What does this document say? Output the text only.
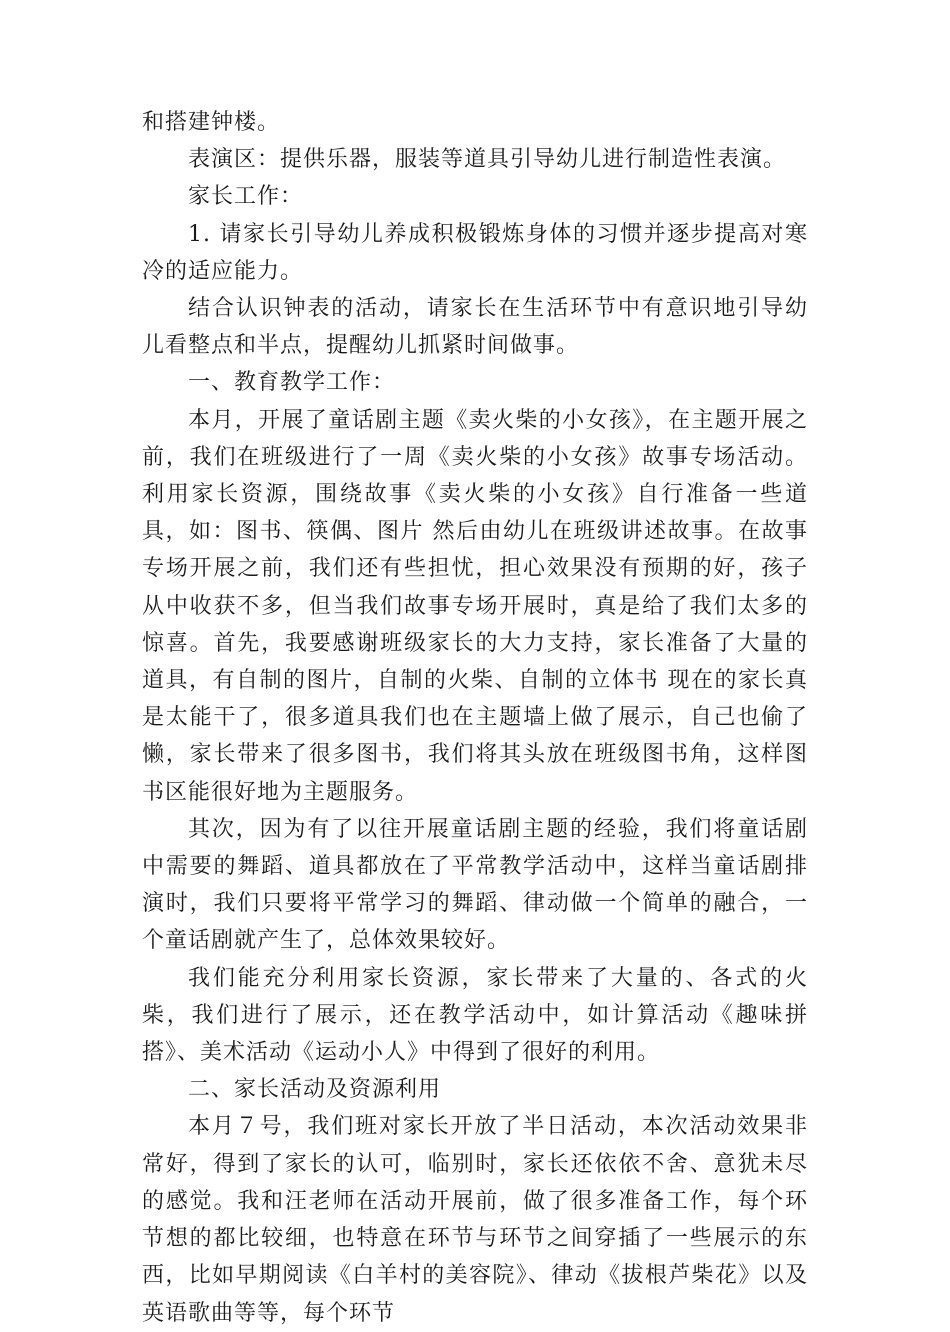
和搭建钟楼。

表演区：提供乐器，服装等道具引导幼儿进行制造性表演。

家长工作：

1. 请家长引导幼儿养成积极锻炼身体的习惯并逐步提高对寒冷的适应能力。

结合认识钟表的活动，请家长在生活环节中有意识地引导幼儿看整点和半点，提醒幼儿抓紧时间做事。

一、教育教学工作：

本月，开展了童话剧主题《卖火柴的小女孩》，在主题开展之前，我们在班级进行了一周《卖火柴的小女孩》故事专场活动。利用家长资源，围绕故事《卖火柴的小女孩》自行准备一些道具，如：图书、筷偶、图片 然后由幼儿在班级讲述故事。在故事专场开展之前，我们还有些担忧，担心效果没有预期的好，孩子从中收获不多，但当我们故事专场开展时，真是给了我们太多的惊喜。首先，我要感谢班级家长的大力支持，家长准备了大量的道具，有自制的图片，自制的火柴、自制的立体书 现在的家长真是太能干了，很多道具我们也在主题墙上做了展示，自己也偷了懒，家长带来了很多图书，我们将其头放在班级图书角，这样图书区能很好地为主题服务。

其次，因为有了以往开展童话剧主题的经验，我们将童话剧中需要的舞蹈、道具都放在了平常教学活动中，这样当童话剧排演时，我们只要将平常学习的舞蹈、律动做一个简单的融合，一个童话剧就产生了，总体效果较好。

我们能充分利用家长资源，家长带来了大量的、各式的火柴，我们进行了展示，还在教学活动中，如计算活动《趣味拼搭》、美术活动《运动小人》中得到了很好的利用。

二、家长活动及资源利用

本月７号，我们班对家长开放了半日活动，本次活动效果非常好，得到了家长的认可，临别时，家长还依依不舍、意犹未尽的感觉。我和汪老师在活动开展前，做了很多准备工作，每个环节想的都比较细，也特意在环节与环节之间穿插了一些展示的东西，比如早期阅读《白羊村的美容院》、律动《拔根芦柴花》以及英语歌曲等等，每个环节
